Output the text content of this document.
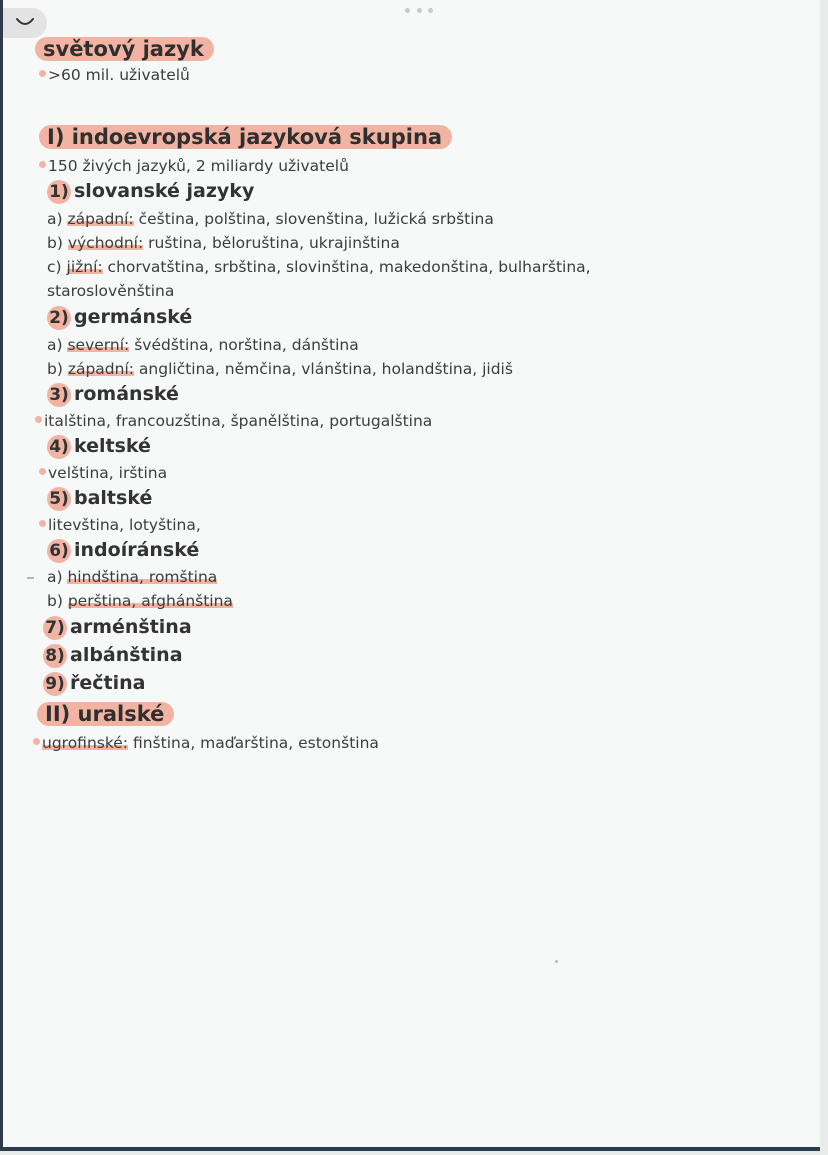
světový jazyk
>60 mil. uživatelů
I) indoevropská jazyková skupina
150 živých jazyků, 2 miliardy uživatelů
1) slovanské jazyky
a) západní: čeština, polština, slovenština, lužická srbština
b) východní: ruština, běloruština, ukrajinština
c) jižní: chorvatština, srbština, slovinština, makedonština, bulharština,
staroslověnština
2) germánské
a) severní: švédština, norština, dánština
b) západní: angličtina, němčina, vlánština, holandština, jidiš
3) románské
italština, francouzština, španělština, portugalština
4) keltské
velština, irština
5) baltské
litevština, lotyština,
6) indoíránské
a) hindština, romština
b) perština, afghánština
7) arménština
8) albánština
9) řečtina
II) uralské
ugrofinské: finština, maďarština, estonština
